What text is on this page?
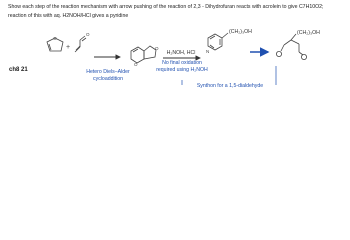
Show each step of the reaction mechanism with arrow pushing of the reaction of 2,3 - Dihydrofuran reacts with acrolein to give C7H10O2;
reaction of this with aq. H2NOH/HCl gives a pyridine
ch8 21
O
+
O
Hetero Diels–Alder
cycloaddition
O
O
H₂NOH, HCl
No final oxidation
required using H₂NOH
N
(CH₂)₃OH	(CH₂)₃OH
Synthon for a 1,5-dialdehyde
